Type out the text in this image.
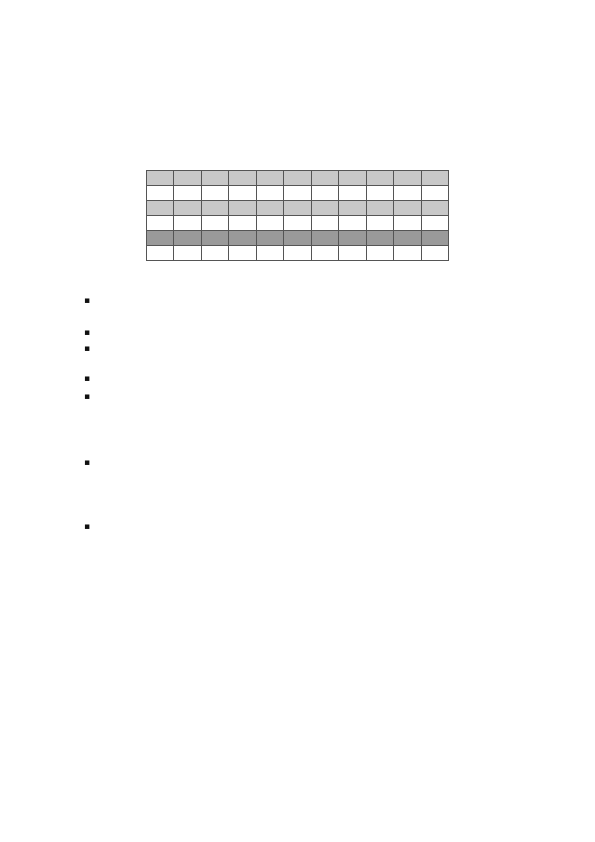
▪
▪
▪
▪
▪
▪
▪
